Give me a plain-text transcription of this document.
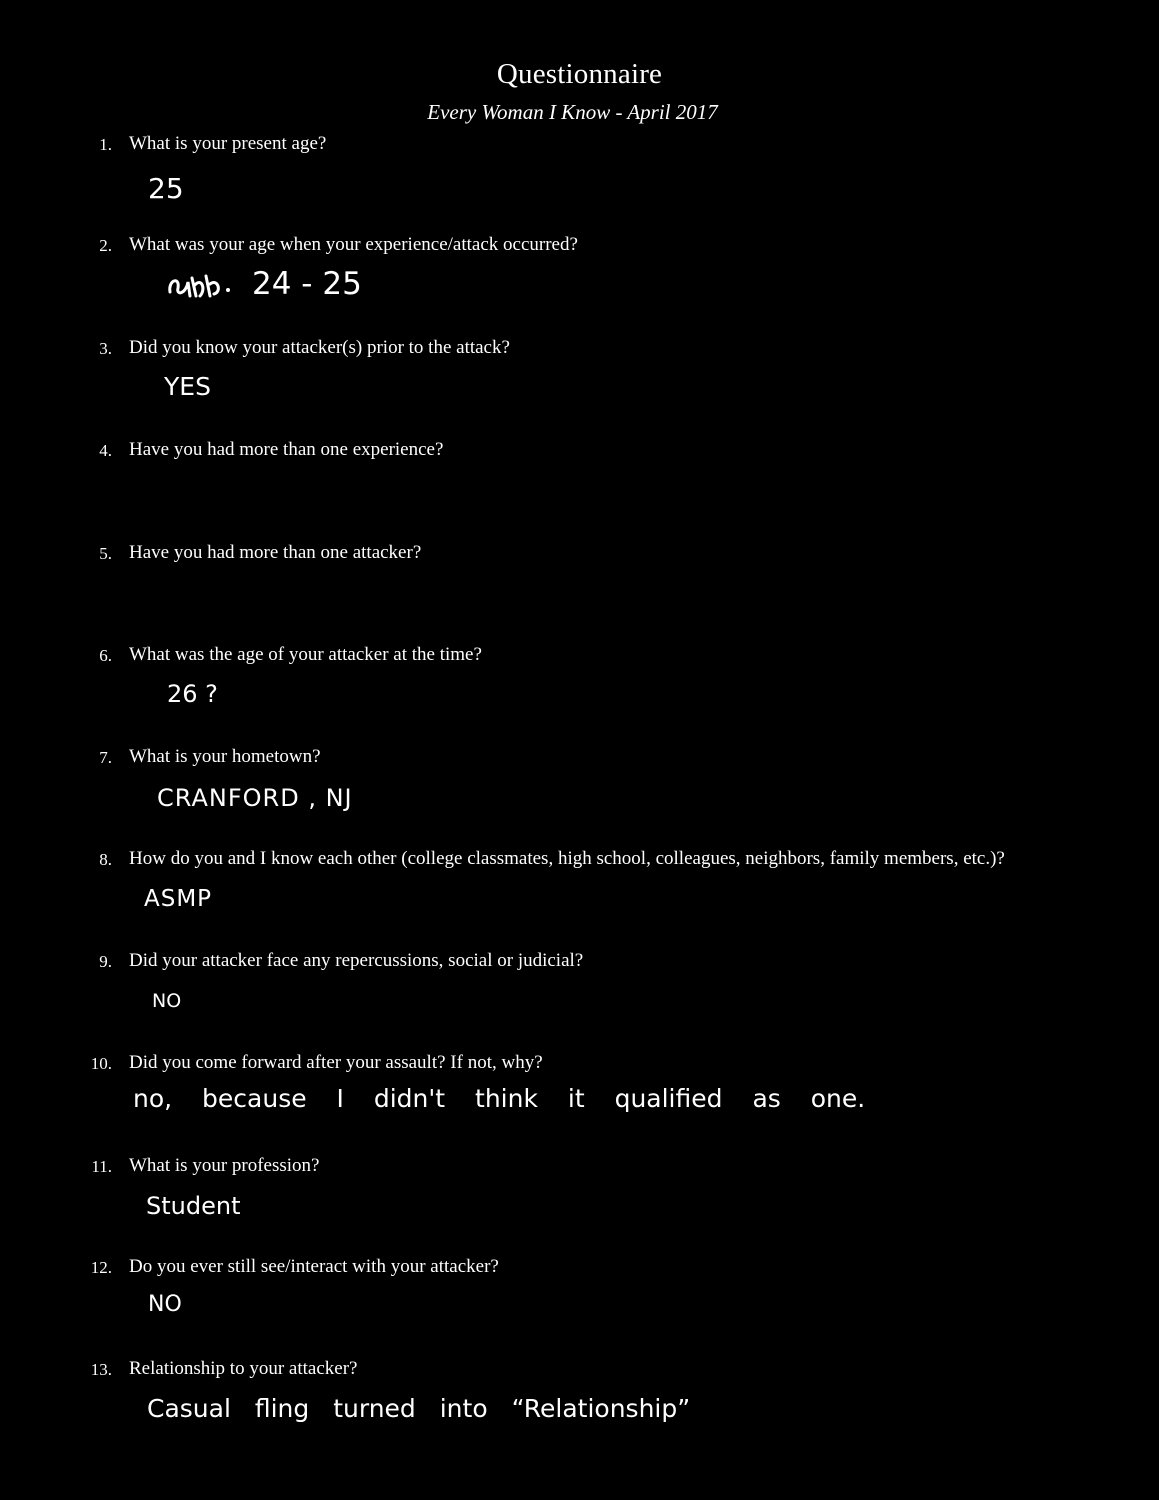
Questionnaire
Every Woman I Know - April 2017
1. What is your present age?
25
2. What was your age when your experience/attack occurred?
24 - 25
3. Did you know your attacker(s) prior to the attack?
YES
4. Have you had more than one experience?
5. Have you had more than one attacker?
6. What was the age of your attacker at the time?
26 ?
7. What is your hometown?
CRANFORD , NJ
8. How do you and I know each other (college classmates, high school, colleagues, neighbors, family members, etc.)?
ASMP
9. Did your attacker face any repercussions, social or judicial?
NO
10. Did you come forward after your assault? If not, why?
no, because I didn't think it qualified as one.
11. What is your profession?
Student
12. Do you ever still see/interact with your attacker?
NO
13. Relationship to your attacker?
Casual fling turned into “Relationship”
